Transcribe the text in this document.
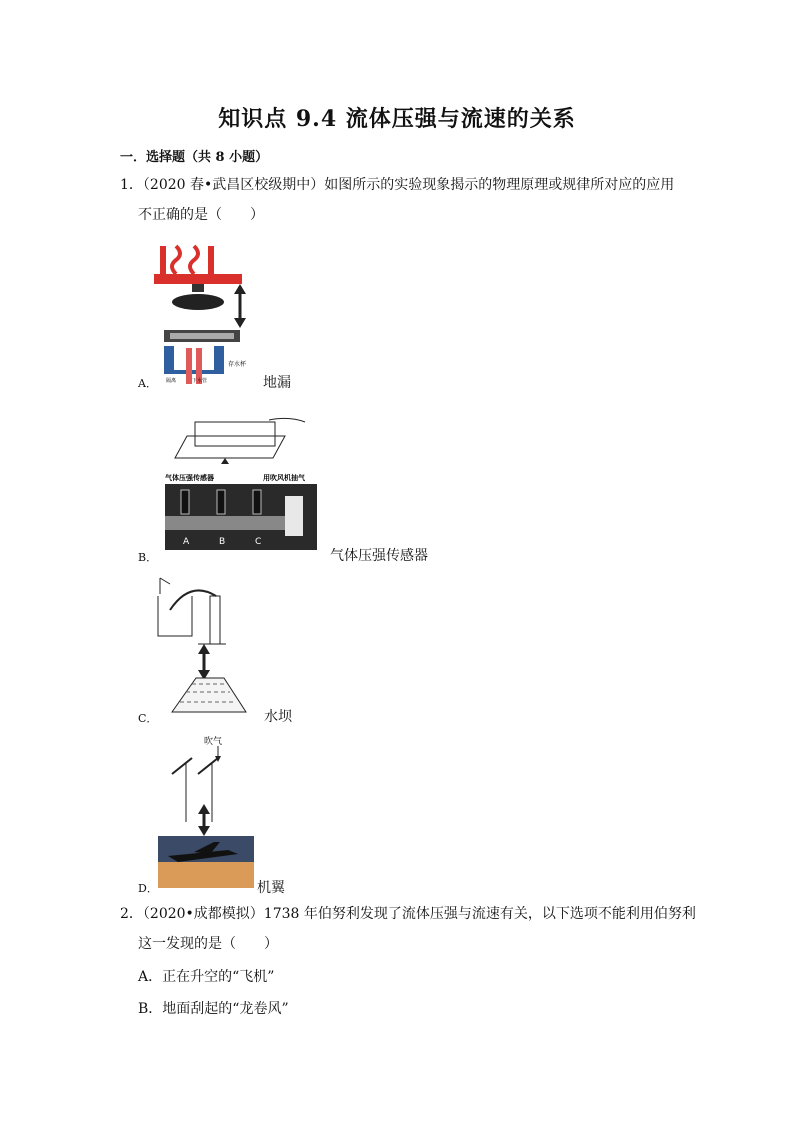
知识点 9.4 流体压强与流速的关系
一．选择题（共 8 小题）
1．（2020 春•武昌区校级期中）如图所示的实验现象揭示的物理原理或规律所对应的应用
不正确的是（　　）
存水杯
隔离	下水管
A．	地漏
气体压强传感器	用吹风机抽气
A	B	C
B．	气体压强传感器
C．	水坝
吹气
D．	机翼
2．（2020•成都模拟）1738 年伯努利发现了流体压强与流速有关，以下选项不能利用伯努利
这一发现的是（　　）
A．正在升空的“飞机”
B．地面刮起的“龙卷风”
